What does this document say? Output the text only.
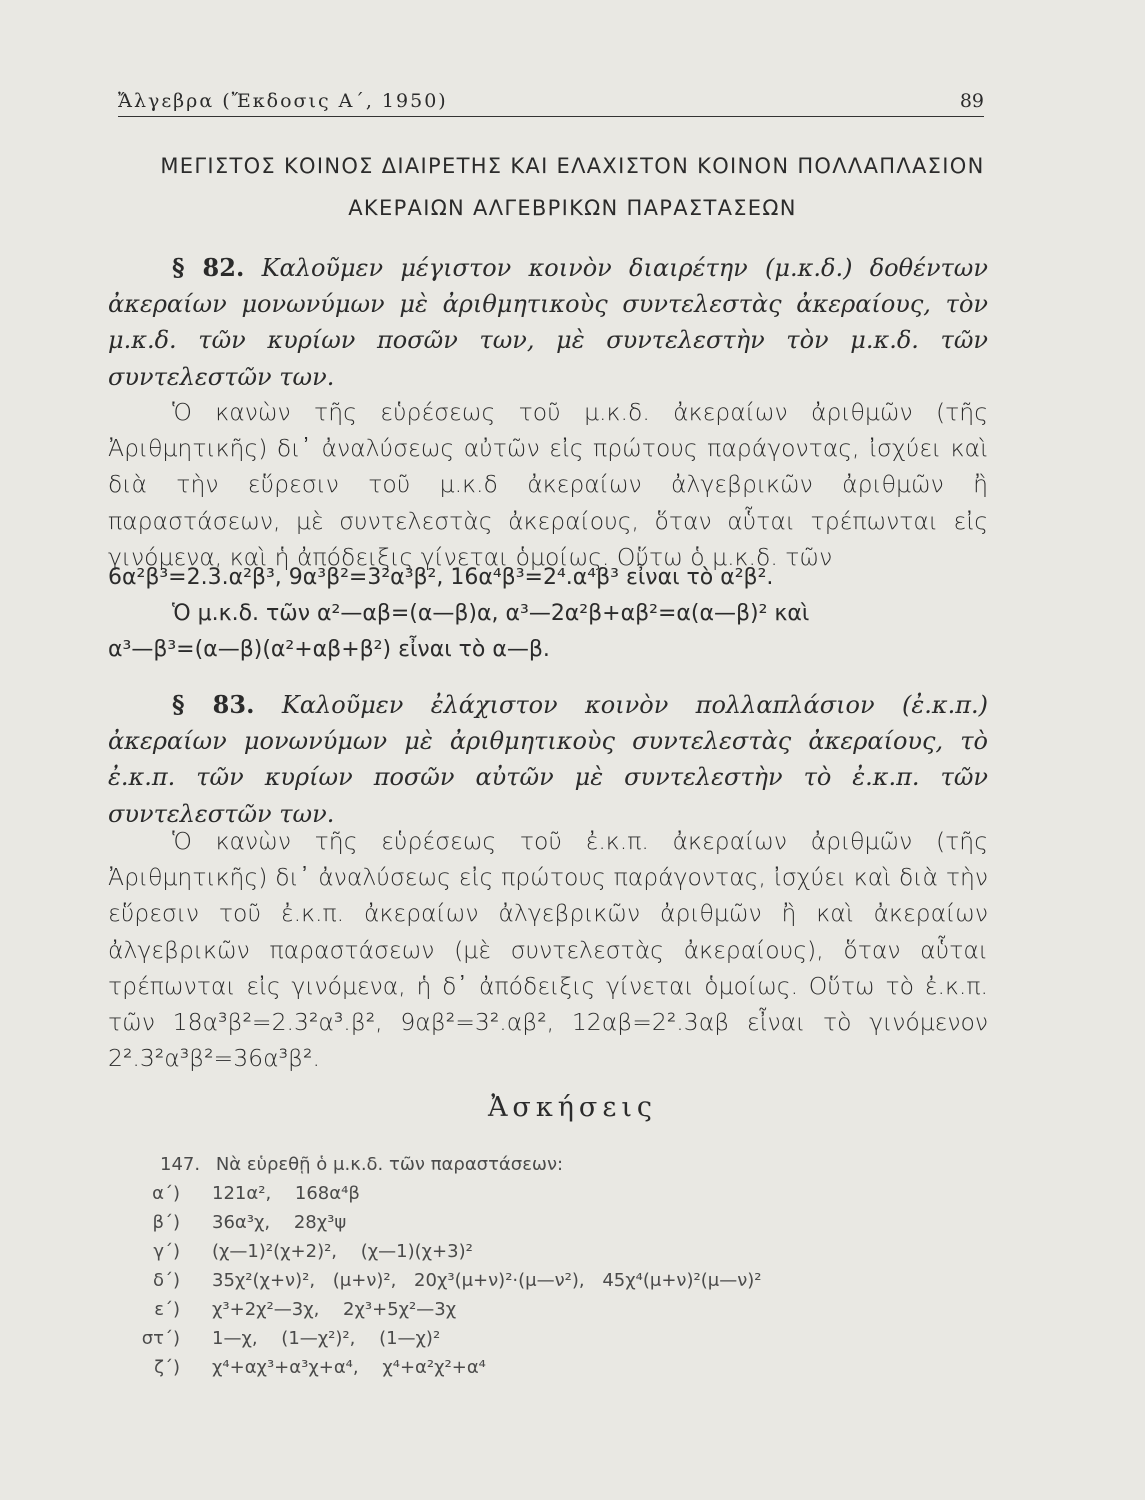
Ἄλγεβρα (Ἔκδοσις Α΄, 1950)	89
ΜΕΓΙΣΤΟΣ ΚΟΙΝΟΣ ΔΙΑΙΡΕΤΗΣ ΚΑΙ ΕΛΑΧΙΣΤΟΝ ΚΟΙΝΟΝ ΠΟΛΛΑΠΛΑΣΙΟΝ
ΑΚΕΡΑΙΩΝ ΑΛΓΕΒΡΙΚΩΝ ΠΑΡΑΣΤΑΣΕΩΝ
§ 82. Καλοῦμεν μέγιστον κοινὸν διαιρέτην (μ.κ.δ.) δοθέντων ἀκεραίων μονωνύμων μὲ ἀριθμητικοὺς συντελεστὰς ἀκεραίους, τὸν μ.κ.δ. τῶν κυρίων ποσῶν των, μὲ συντελεστὴν τὸν μ.κ.δ. τῶν συντελεστῶν των.
Ὁ κανὼν τῆς εὑρέσεως τοῦ μ.κ.δ. ἀκεραίων ἀριθμῶν (τῆς Ἀριθμητικῆς) δι᾿ ἀναλύσεως αὐτῶν εἰς πρώτους παράγοντας, ἰσχύει καὶ διὰ τὴν εὕρεσιν τοῦ μ.κ.δ ἀκεραίων ἀλγεβρικῶν ἀριθμῶν ἢ παραστάσεων, μὲ συντελεστὰς ἀκεραίους, ὅταν αὗται τρέπωνται εἰς γινόμενα, καὶ ἡ ἀπόδειξις γίνεται ὁμοίως. Οὕτω ὁ μ.κ.δ. τῶν
6α²β³=2.3.α²β³, 9α³β²=3²α³β², 16α⁴β³=2⁴.α⁴β³ εἶναι τὸ α²β².
Ὁ μ.κ.δ. τῶν α²—αβ=(α—β)α, α³—2α²β+αβ²=α(α—β)² καὶ
α³—β³=(α—β)(α²+αβ+β²) εἶναι τὸ α—β.
§ 83. Καλοῦμεν ἐλάχιστον κοινὸν πολλαπλάσιον (ἐ.κ.π.) ἀκεραίων μονωνύμων μὲ ἀριθμητικοὺς συντελεστὰς ἀκεραίους, τὸ ἐ.κ.π. τῶν κυρίων ποσῶν αὐτῶν μὲ συντελεστὴν τὸ ἐ.κ.π. τῶν συντελεστῶν των.
Ὁ κανὼν τῆς εὑρέσεως τοῦ ἐ.κ.π. ἀκεραίων ἀριθμῶν (τῆς Ἀριθμητικῆς) δι᾿ ἀναλύσεως εἰς πρώτους παράγοντας, ἰσχύει καὶ διὰ τὴν εὕρεσιν τοῦ ἐ.κ.π. ἀκεραίων ἀλγεβρικῶν ἀριθμῶν ἢ καὶ ἀκεραίων ἀλγεβρικῶν παραστάσεων (μὲ συντελεστὰς ἀκεραίους), ὅταν αὗται τρέπωνται εἰς γινόμενα, ἡ δ᾿ ἀπόδειξις γίνεται ὁμοίως. Οὕτω τὸ ἐ.κ.π. τῶν 18α³β²=2.3²α³.β², 9αβ²=3².αβ², 12αβ=2².3αβ εἶναι τὸ γινόμενον 2².3²α³β²=36α³β².
Ἀσκήσεις
147. Νὰ εὑρεθῇ ὁ μ.κ.δ. τῶν παραστάσεων:
α΄) 121α², 168α⁴β
β΄) 36α³χ, 28χ³ψ
γ΄) (χ—1)²(χ+2)², (χ—1)(χ+3)²
δ΄) 35χ²(χ+ν)², (μ+ν)², 20χ³(μ+ν)²·(μ—ν²), 45χ⁴(μ+ν)²(μ—ν)²
ε΄) χ³+2χ²—3χ, 2χ³+5χ²—3χ
στ΄) 1—χ, (1—χ²)², (1—χ)²
ζ΄) χ⁴+αχ³+α³χ+α⁴, χ⁴+α²χ²+α⁴
